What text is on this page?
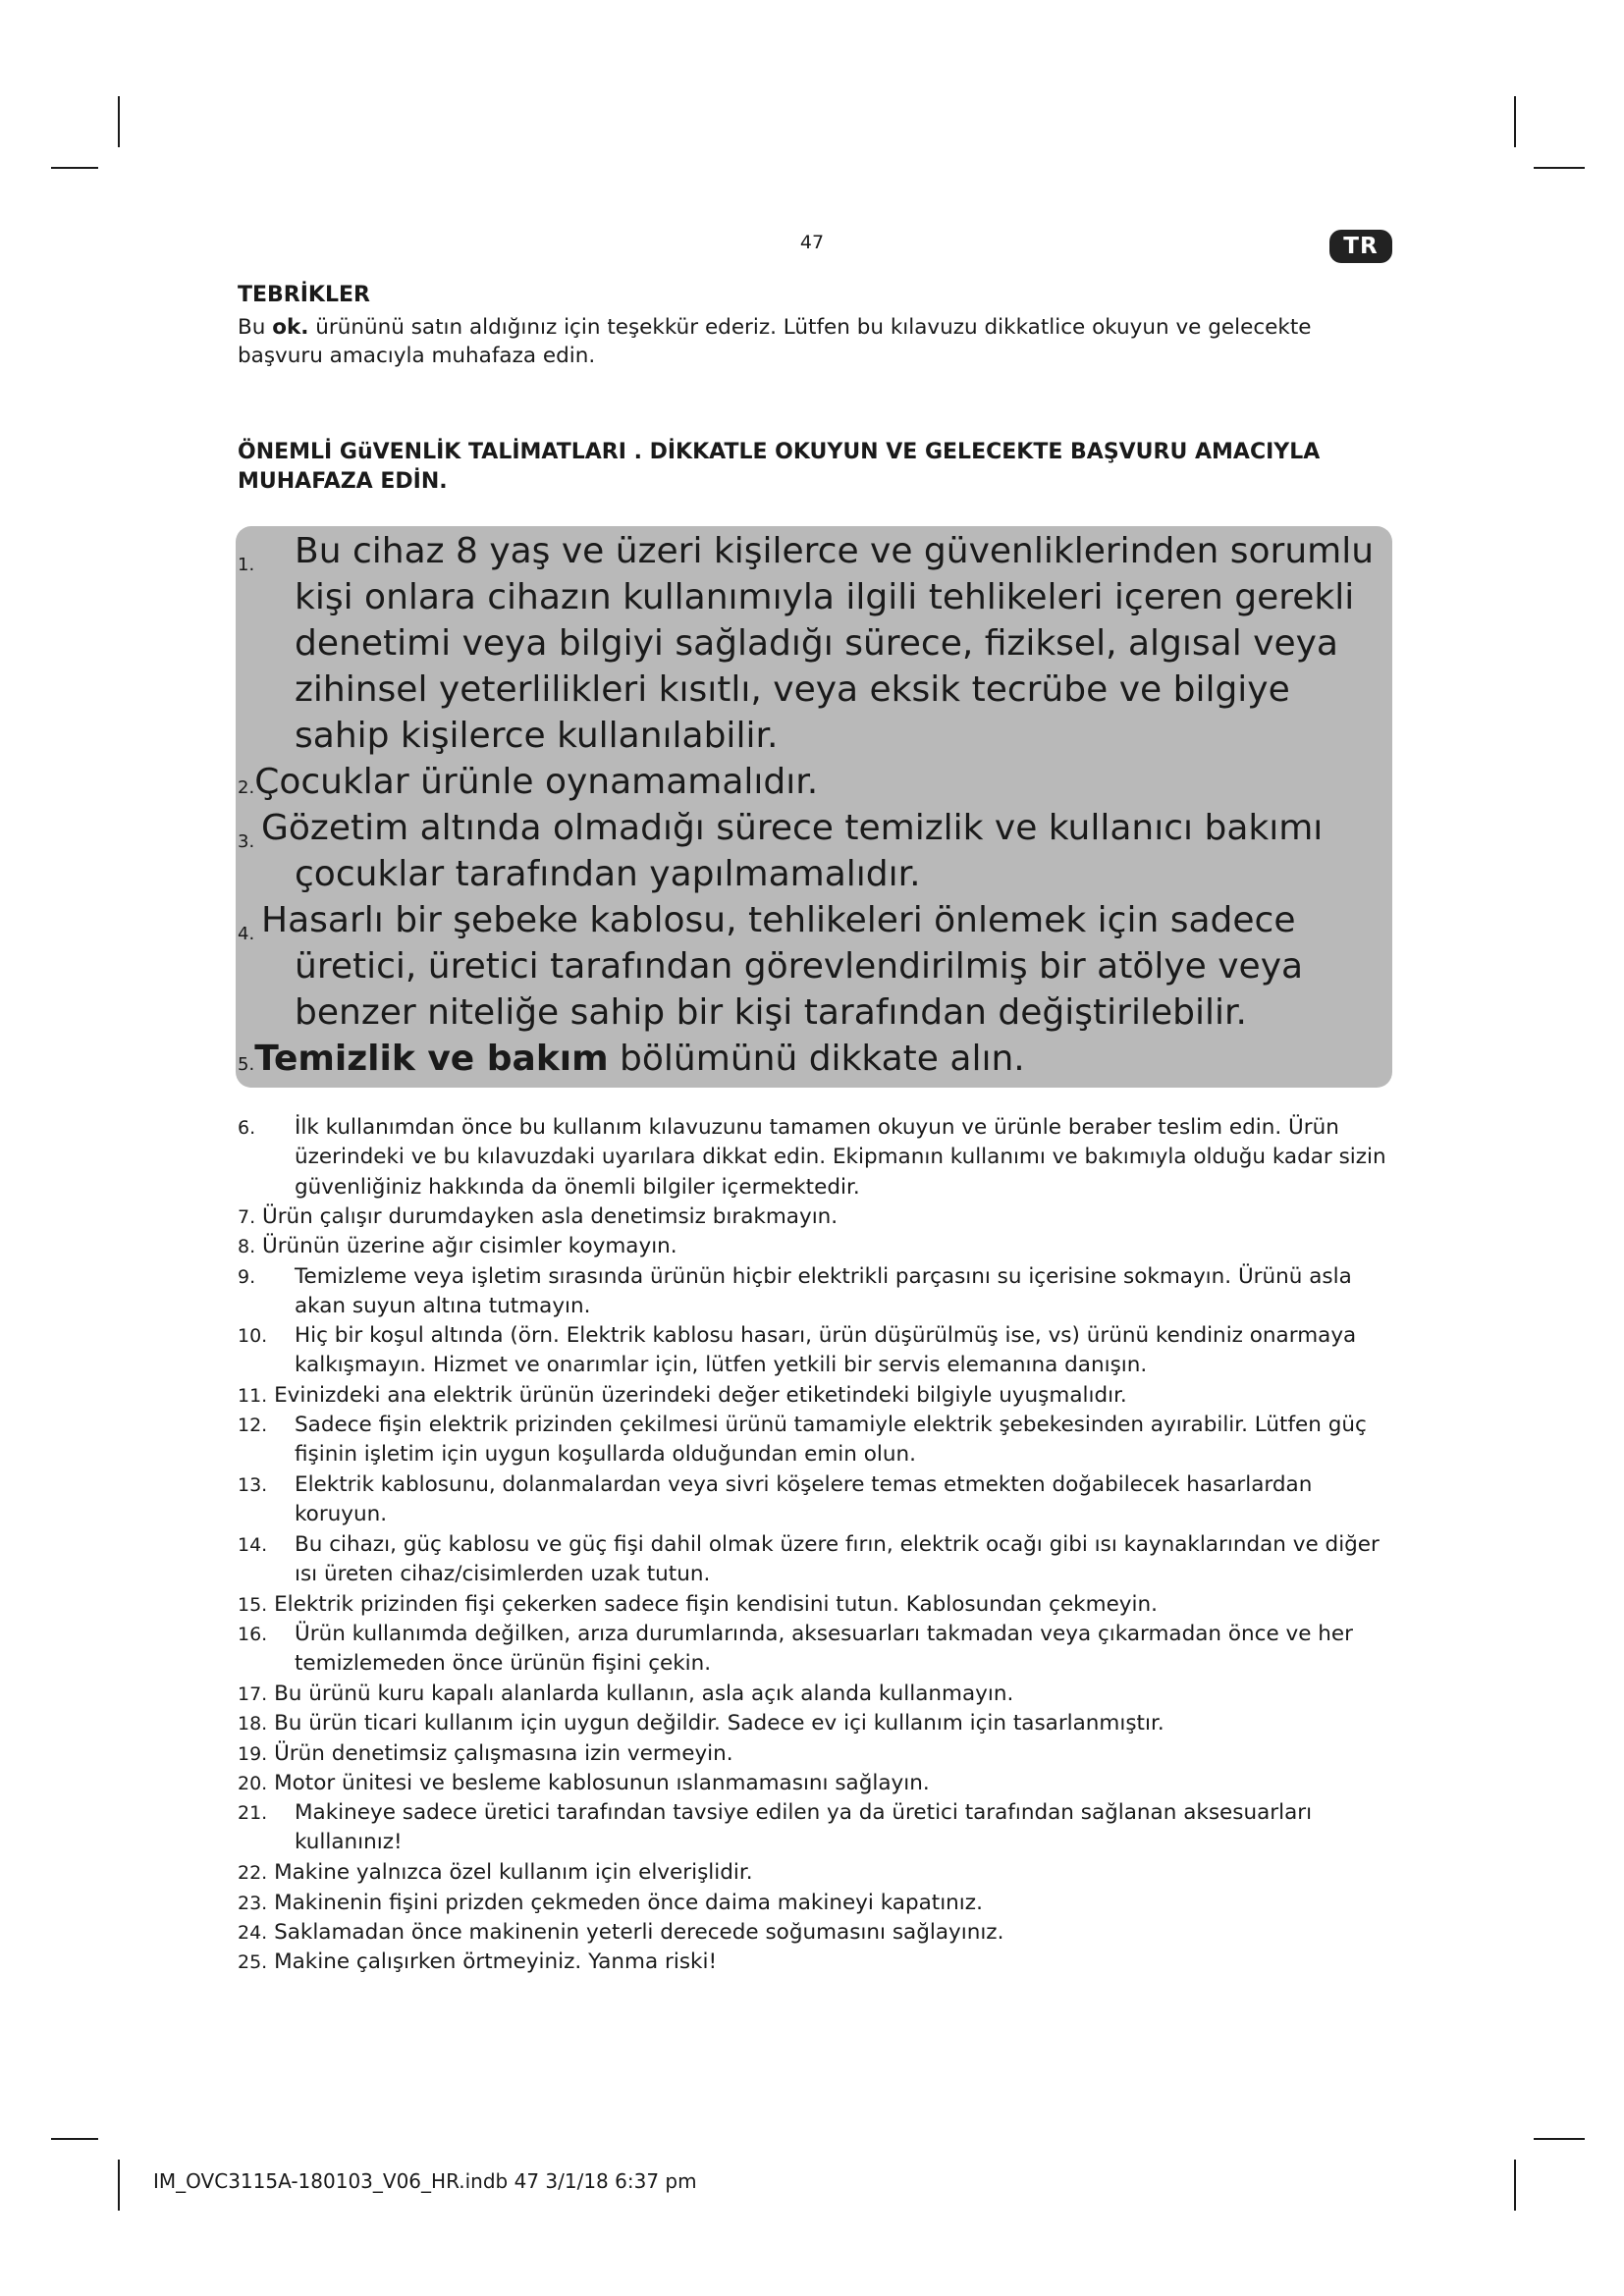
47	TR
TEBRİKLER
Bu ok. ürününü satın aldığınız için teşekkür ederiz. Lütfen bu kılavuzu dikkatlice okuyun ve gelecekte başvuru amacıyla muhafaza edin.
ÖNEMLİ GüVENLİK TALİMATLARI . DİKKATLE OKUYUN VE GELECEKTE BAŞVURU AMACIYLA MUHAFAZA EDİN.
1.	Bu cihaz 8 yaş ve üzeri kişilerce ve güvenliklerinden sorumlu kişi onlara cihazın kullanımıyla ilgili tehlikeleri içeren gerekli denetimi veya bilgiyi sağladığı sürece, fiziksel, algısal veya zihinsel yeterlilikleri kısıtlı, veya eksik tecrübe ve bilgiye sahip kişilerce kullanılabilir.
2.Çocuklar ürünle oynamamalıdır.
3. Gözetim altında olmadığı sürece temizlik ve kullanıcı bakımı çocuklar tarafından yapılmamalıdır.
4. Hasarlı bir şebeke kablosu, tehlikeleri önlemek için sadece üretici, üretici tarafından görevlendirilmiş bir atölye veya benzer niteliğe sahip bir kişi tarafından değiştirilebilir.
5.Temizlik ve bakım bölümünü dikkate alın.
6.	İlk kullanımdan önce bu kullanım kılavuzunu tamamen okuyun ve ürünle beraber teslim edin. Ürün üzerindeki ve bu kılavuzdaki uyarılara dikkat edin. Ekipmanın kullanımı ve bakımıyla olduğu kadar sizin güvenliğiniz hakkında da önemli bilgiler içermektedir.
7. Ürün çalışır durumdayken asla denetimsiz bırakmayın.
8. Ürünün üzerine ağır cisimler koymayın.
9.	Temizleme veya işletim sırasında ürünün hiçbir elektrikli parçasını su içerisine sokmayın. Ürünü asla akan suyun altına tutmayın.
10.	Hiç bir koşul altında (örn. Elektrik kablosu hasarı, ürün düşürülmüş ise, vs) ürünü kendiniz onarmaya kalkışmayın. Hizmet ve onarımlar için, lütfen yetkili bir servis elemanına danışın.
11. Evinizdeki ana elektrik ürünün üzerindeki değer etiketindeki bilgiyle uyuşmalıdır.
12.	Sadece fişin elektrik prizinden çekilmesi ürünü tamamiyle elektrik şebekesinden ayırabilir. Lütfen güç fişinin işletim için uygun koşullarda olduğundan emin olun.
13.	Elektrik kablosunu, dolanmalardan veya sivri köşelere temas etmekten doğabilecek hasarlardan koruyun.
14.	Bu cihazı, güç kablosu ve güç fişi dahil olmak üzere fırın, elektrik ocağı gibi ısı kaynaklarından ve diğer ısı üreten cihaz/cisimlerden uzak tutun.
15. Elektrik prizinden fişi çekerken sadece fişin kendisini tutun. Kablosundan çekmeyin.
16.	Ürün kullanımda değilken, arıza durumlarında, aksesuarları takmadan veya çıkarmadan önce ve her temizlemeden önce ürünün fişini çekin.
17. Bu ürünü kuru kapalı alanlarda kullanın, asla açık alanda kullanmayın.
18. Bu ürün ticari kullanım için uygun değildir. Sadece ev içi kullanım için tasarlanmıştır.
19. Ürün denetimsiz çalışmasına izin vermeyin.
20. Motor ünitesi ve besleme kablosunun ıslanmamasını sağlayın.
21.	Makineye sadece üretici tarafından tavsiye edilen ya da üretici tarafından sağlanan aksesuarları kullanınız!
22. Makine yalnızca özel kullanım için elverişlidir.
23. Makinenin fişini prizden çekmeden önce daima makineyi kapatınız.
24. Saklamadan önce makinenin yeterli derecede soğumasını sağlayınız.
25. Makine çalışırken örtmeyiniz. Yanma riski!
IM_OVC3115A-180103_V06_HR.indb 47 3/1/18 6:37 pm
